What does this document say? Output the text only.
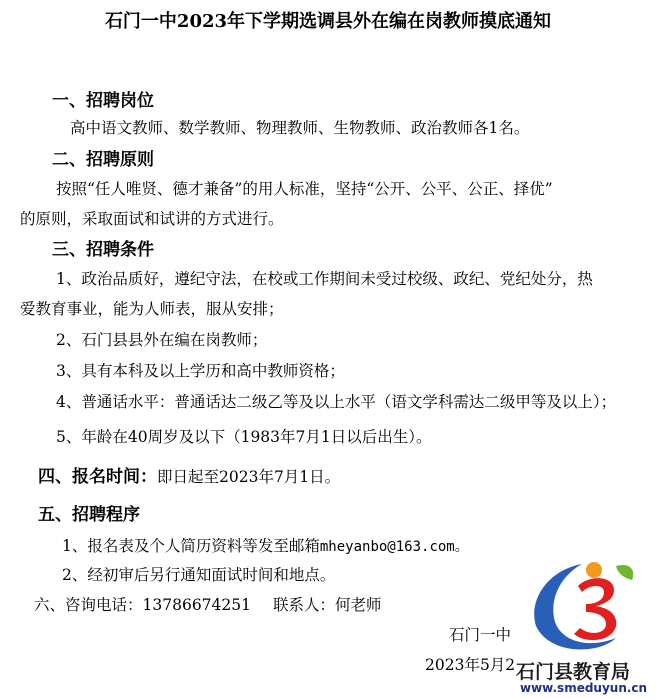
石门一中2023年下学期选调县外在编在岗教师摸底通知
一、招聘岗位
高中语文教师、数学教师、物理教师、生物教师、政治教师各1名。
二、招聘原则
按照“任人唯贤、德才兼备”的用人标准，坚持“公开、公平、公正、择优”
的原则，采取面试和试讲的方式进行。
三、招聘条件
1、政治品质好，遵纪守法，在校或工作期间未受过校级、政纪、党纪处分，热
爱教育事业，能为人师表，服从安排；
2、石门县县外在编在岗教师；
3、具有本科及以上学历和高中教师资格；
4、普通话水平：普通话达二级乙等及以上水平（语文学科需达二级甲等及以上）；
5、年龄在40周岁及以下（1983年7月1日以后出生）。
四、报名时间：即日起至2023年7月1日。
五、招聘程序
1、报名表及个人简历资料等发至邮箱mheyanbo@163.com。
2、经初审后另行通知面试时间和地点。
六、咨询电话：13786674251 联系人：何老师
石门一中
2023年5月2 石门县教育局
www.smeduyun.cn
